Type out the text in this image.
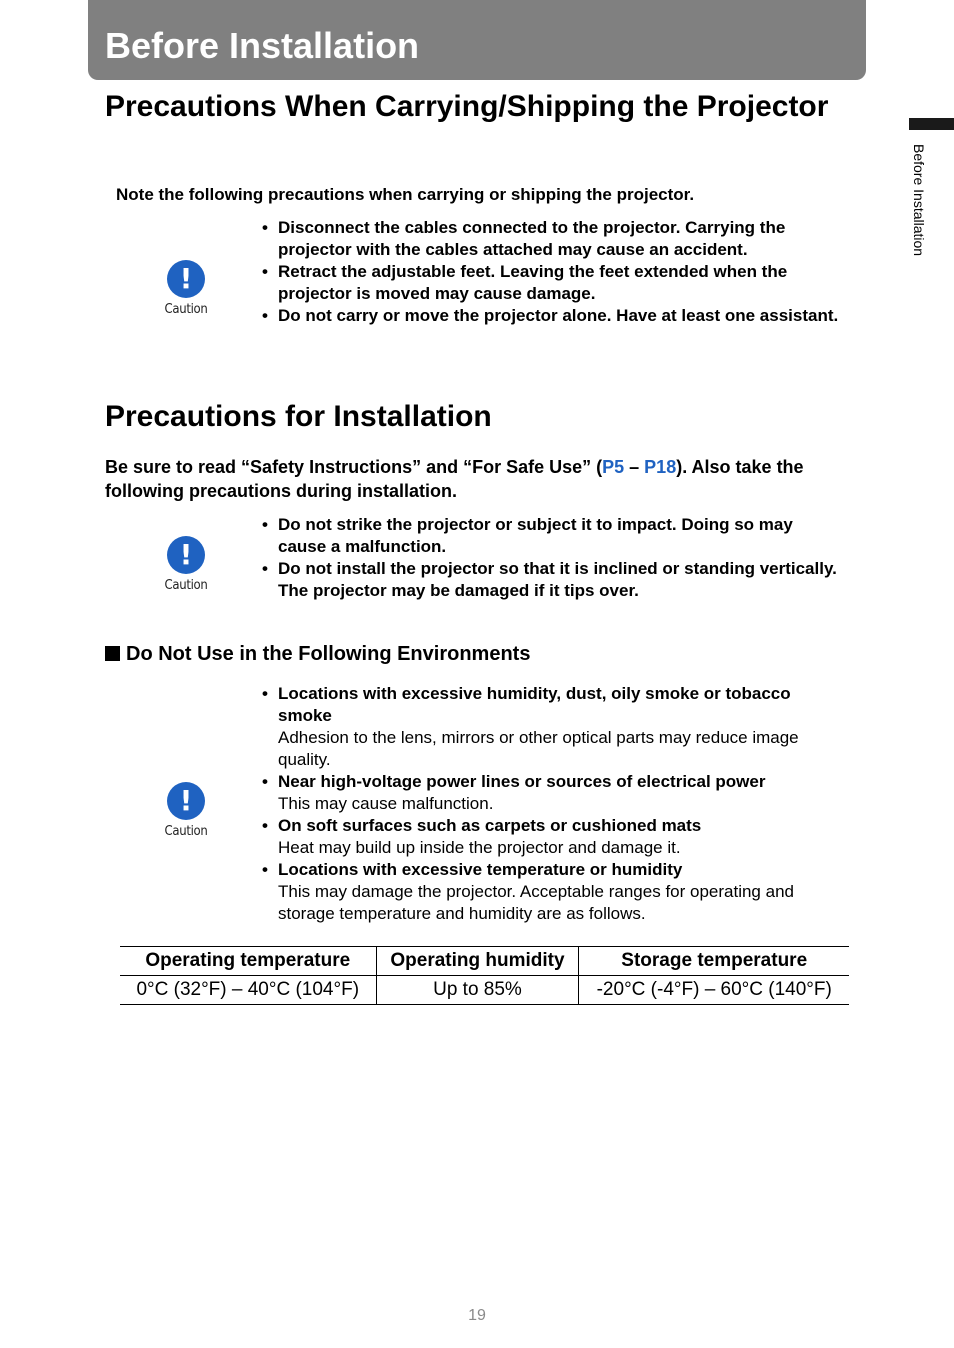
Before Installation
Before Installation
Precautions When Carrying/Shipping the Projector

Note the following precautions when carrying or shipping the projector.

!
Caution
• Disconnect the cables connected to the projector. Carrying the projector with the cables attached may cause an accident.
• Retract the adjustable feet. Leaving the feet extended when the projector is moved may cause damage.
• Do not carry or move the projector alone. Have at least one assistant.
Precautions for Installation

Be sure to read “Safety Instructions” and “For Safe Use” (P5 – P18). Also take the following precautions during installation.

!
Caution
• Do not strike the projector or subject it to impact. Doing so may cause a malfunction.
• Do not install the projector so that it is inclined or standing vertically. The projector may be damaged if it tips over.
Do Not Use in the Following Environments
!
Caution
• Locations with excessive humidity, dust, oily smoke or tobacco smoke
Adhesion to the lens, mirrors or other optical parts may reduce image quality.
• Near high-voltage power lines or sources of electrical power
This may cause malfunction.
• On soft surfaces such as carpets or cushioned mats
Heat may build up inside the projector and damage it.
• Locations with excessive temperature or humidity
This may damage the projector. Acceptable ranges for operating and storage temperature and humidity are as follows.
Operating temperature	Operating humidity	Storage temperature
0°C (32°F) – 40°C (104°F)	Up to 85%	-20°C (-4°F) – 60°C (140°F)
19
